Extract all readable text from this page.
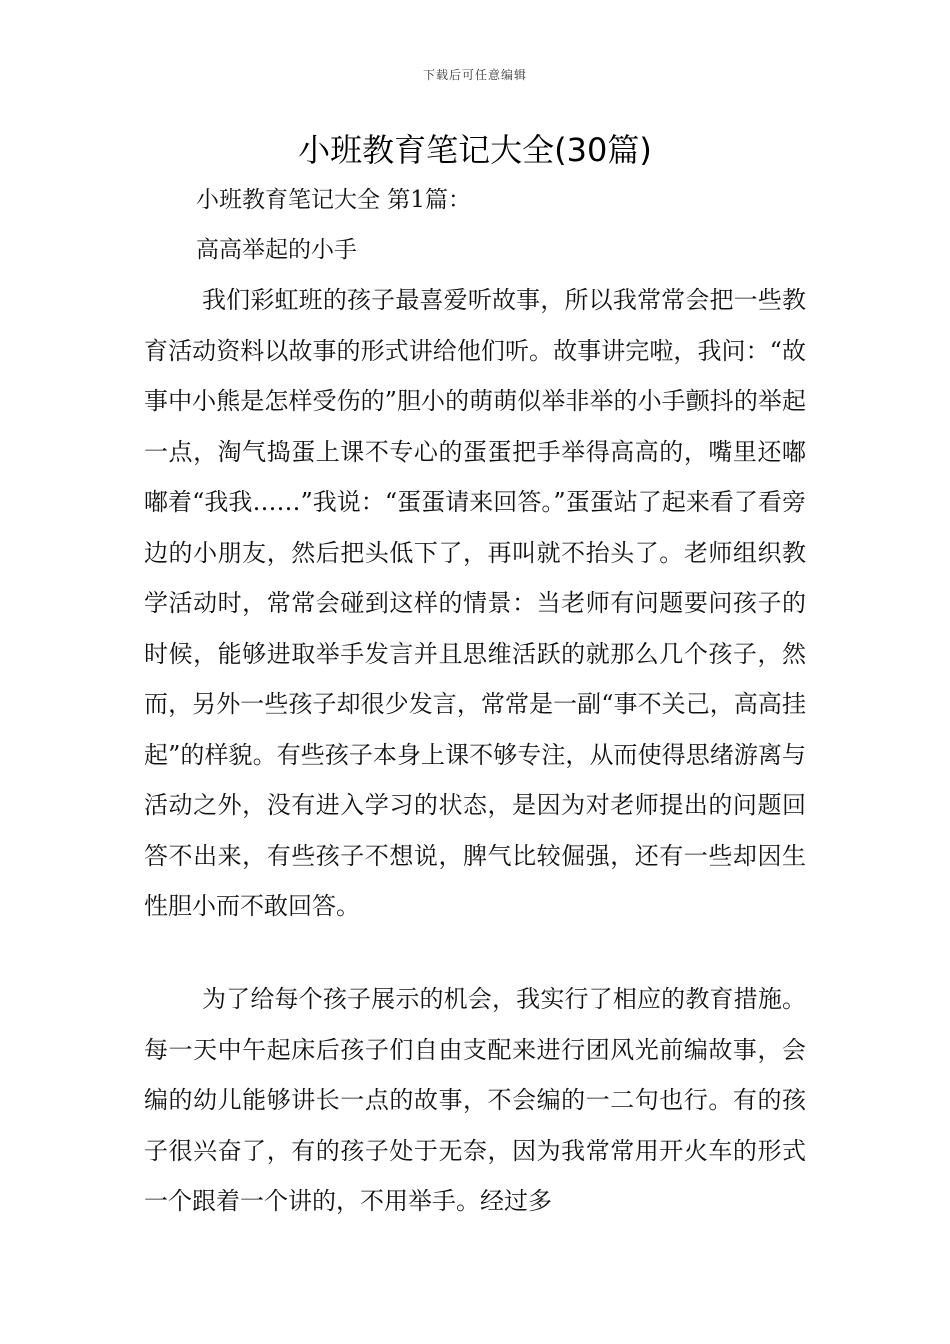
下载后可任意编辑
小班教育笔记大全(30篇)
小班教育笔记大全 第1篇：
高高举起的小手

我们彩虹班的孩子最喜爱听故事，所以我常常会把一些教育活动资料以故事的形式讲给他们听。故事讲完啦，我问：“故事中小熊是怎样受伤的”胆小的萌萌似举非举的小手颤抖的举起一点，淘气捣蛋上课不专心的蛋蛋把手举得高高的，嘴里还嘟嘟着“我我……”我说：“蛋蛋请来回答。”蛋蛋站了起来看了看旁边的小朋友，然后把头低下了，再叫就不抬头了。老师组织教学活动时，常常会碰到这样的情景：当老师有问题要问孩子的时候，能够进取举手发言并且思维活跃的就那么几个孩子，然而，另外一些孩子却很少发言，常常是一副“事不关己，高高挂起”的样貌。有些孩子本身上课不够专注，从而使得思绪游离与活动之外，没有进入学习的状态，是因为对老师提出的问题回答不出来，有些孩子不想说，脾气比较倔强，还有一些却因生性胆小而不敢回答。

为了给每个孩子展示的机会，我实行了相应的教育措施。每一天中午起床后孩子们自由支配来进行团风光前编故事，会编的幼儿能够讲长一点的故事，不会编的一二句也行。有的孩子很兴奋了，有的孩子处于无奈，因为我常常用开火车的形式一个跟着一个讲的，不用举手。经过多
